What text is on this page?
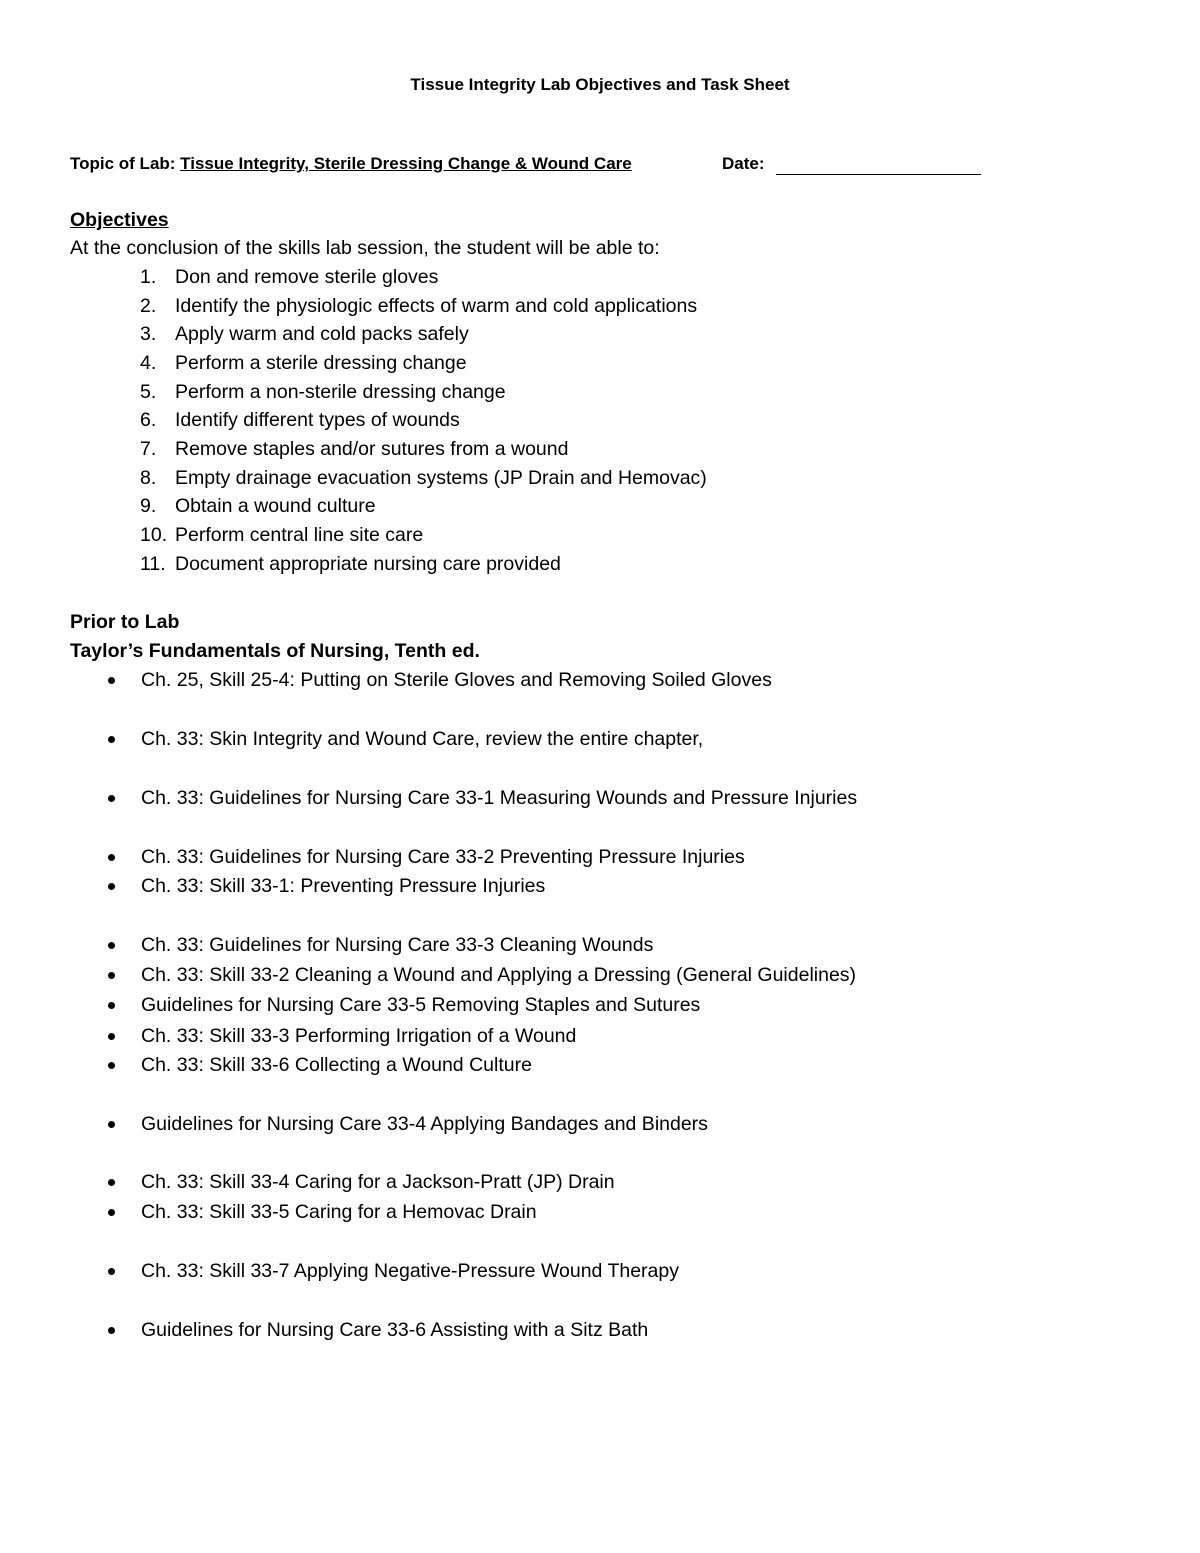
Tissue Integrity Lab Objectives and Task Sheet
Topic of Lab: Tissue Integrity, Sterile Dressing Change & Wound Care	Date:
Objectives
At the conclusion of the skills lab session, the student will be able to:
1. Don and remove sterile gloves
2. Identify the physiologic effects of warm and cold applications
3. Apply warm and cold packs safely
4. Perform a sterile dressing change
5. Perform a non-sterile dressing change
6. Identify different types of wounds
7. Remove staples and/or sutures from a wound
8. Empty drainage evacuation systems (JP Drain and Hemovac)
9. Obtain a wound culture
10. Perform central line site care
11. Document appropriate nursing care provided
Prior to Lab
Taylor’s Fundamentals of Nursing, Tenth ed.
Ch. 25, Skill 25-4: Putting on Sterile Gloves and Removing Soiled Gloves
Ch. 33: Skin Integrity and Wound Care, review the entire chapter,
Ch. 33: Guidelines for Nursing Care 33-1 Measuring Wounds and Pressure Injuries
Ch. 33: Guidelines for Nursing Care 33-2 Preventing Pressure Injuries
Ch. 33: Skill 33-1: Preventing Pressure Injuries
Ch. 33: Guidelines for Nursing Care 33-3 Cleaning Wounds
Ch. 33: Skill 33-2 Cleaning a Wound and Applying a Dressing (General Guidelines)
Guidelines for Nursing Care 33-5 Removing Staples and Sutures
Ch. 33: Skill 33-3 Performing Irrigation of a Wound
Ch. 33: Skill 33-6 Collecting a Wound Culture
Guidelines for Nursing Care 33-4 Applying Bandages and Binders
Ch. 33: Skill 33-4 Caring for a Jackson-Pratt (JP) Drain
Ch. 33: Skill 33-5 Caring for a Hemovac Drain
Ch. 33: Skill 33-7 Applying Negative-Pressure Wound Therapy
Guidelines for Nursing Care 33-6 Assisting with a Sitz Bath
